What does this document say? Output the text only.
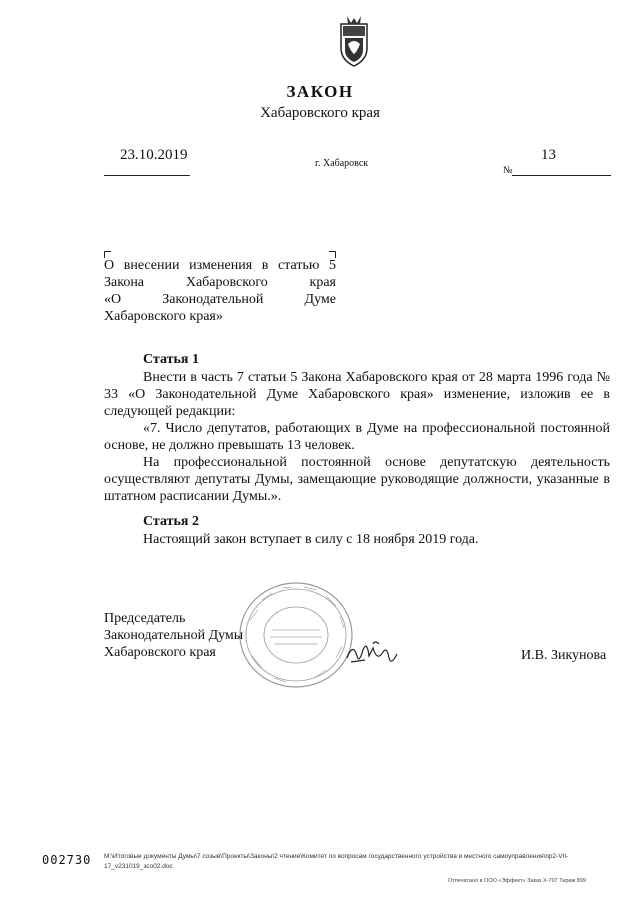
ЗАКОН
Хабаровского края
23.10.2019
г. Хабаровск
13
№
О внесении изменения в статью 5
Закона Хабаровского края
«О Законодательной Думе
Хабаровского края»
Статья 1

Внести в часть 7 статьи 5 Закона Хабаровского края от 28 марта 1996 года № 33 «О Законодательной Думе Хабаровского края» изменение, изложив ее в следующей редакции:

«7. Число депутатов, работающих в Думе на профессиональной постоянной основе, не должно превышать 13 человек.

На профессиональной постоянной основе депутатскую деятельность осуществляют депутаты Думы, замещающие руководящие должности, указанные в штатном расписании Думы.».

Статья 2

Настоящий закон вступает в силу с 18 ноября 2019 года.

Председатель
Законодательной Думы
Хабаровского края	И.В. Зикунова
002730 M:\Итоговые документы Думы\7 созыв\Проекты\Законы\2 чтение\Комитет по вопросам государственного устройства и местного самоуправления\пр2-VII-17_v231019_зсо02.doc
Отпечатано в ООО «Эффект» Заказ Х-707 Тираж 899
